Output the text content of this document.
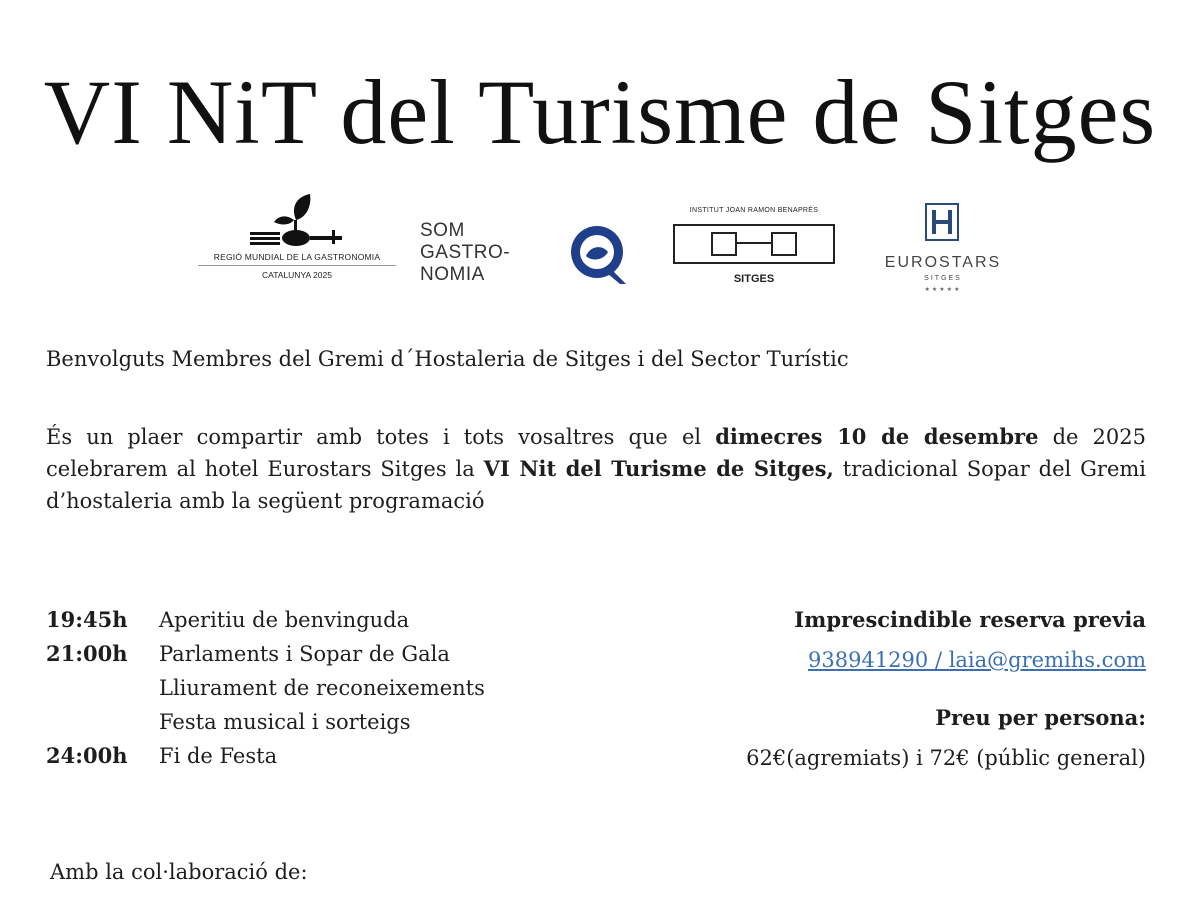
VI NiT del Turisme de Sitges
REGIÓ MUNDIAL DE LA GASTRONOMIA
CATALUNYA 2025
SOM
GASTRO-
NOMIA
INSTITUT JOAN RAMON BENAPRÉS
SITGES
EUROSTARS
SITGES
★★★★★
Benvolguts Membres del Gremi d´Hostaleria de Sitges i del Sector Turístic
És un plaer compartir amb totes i tots vosaltres que el dimecres 10 de desembre de 2025 celebrarem al hotel Eurostars Sitges la VI Nit del Turisme de Sitges, tradicional Sopar del Gremi d’hostaleria amb la següent programació
19:45h Aperitiu de benvinguda
21:00h Parlaments i Sopar de Gala
Lliurament de reconeixements
Festa musical i sorteigs
24:00h Fi de Festa
Imprescindible reserva previa
938941290 / laia@gremihs.com
Preu per persona:
62€(agremiats) i 72€ (públic general)
Amb la col·laboració de:
